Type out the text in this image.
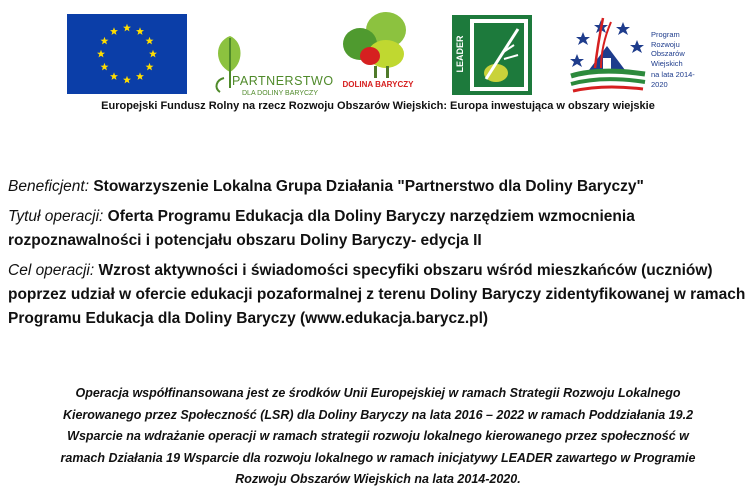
PARTNERSTWO
DLA DOLINY BARYCZY
DOLINA BARYCZY
LEADER
Program
Rozwoju
Obszarów
Wiejskich
na lata 2014-2020
Europejski Fundusz Rolny na rzecz Rozwoju Obszarów Wiejskich: Europa inwestująca w obszary wiejskie

Beneficjent: Stowarzyszenie Lokalna Grupa Działania "Partnerstwo dla Doliny Baryczy"

Tytuł operacji: Oferta Programu Edukacja dla Doliny Baryczy narzędziem wzmocnienia rozpoznawalności i potencjału obszaru Doliny Baryczy- edycja II

Cel operacji: Wzrost aktywności i świadomości specyfiki obszaru wśród mieszkańców (uczniów) poprzez udział w ofercie edukacji pozaformalnej z terenu Doliny Baryczy zidentyfikowanej w ramach Programu Edukacja dla Doliny Baryczy (www.edukacja.barycz.pl)

Operacja współfinansowana jest ze środków Unii Europejskiej w ramach Strategii Rozwoju Lokalnego
Kierowanego przez Społeczność (LSR) dla Doliny Baryczy na lata 2016 – 2022 w ramach Poddziałania 19.2
Wsparcie na wdrażanie operacji w ramach strategii rozwoju lokalnego kierowanego przez społeczność w
ramach Działania 19 Wsparcie dla rozwoju lokalnego w ramach inicjatywy LEADER zawartego w Programie
Rozwoju Obszarów Wiejskich na lata 2014-2020.
